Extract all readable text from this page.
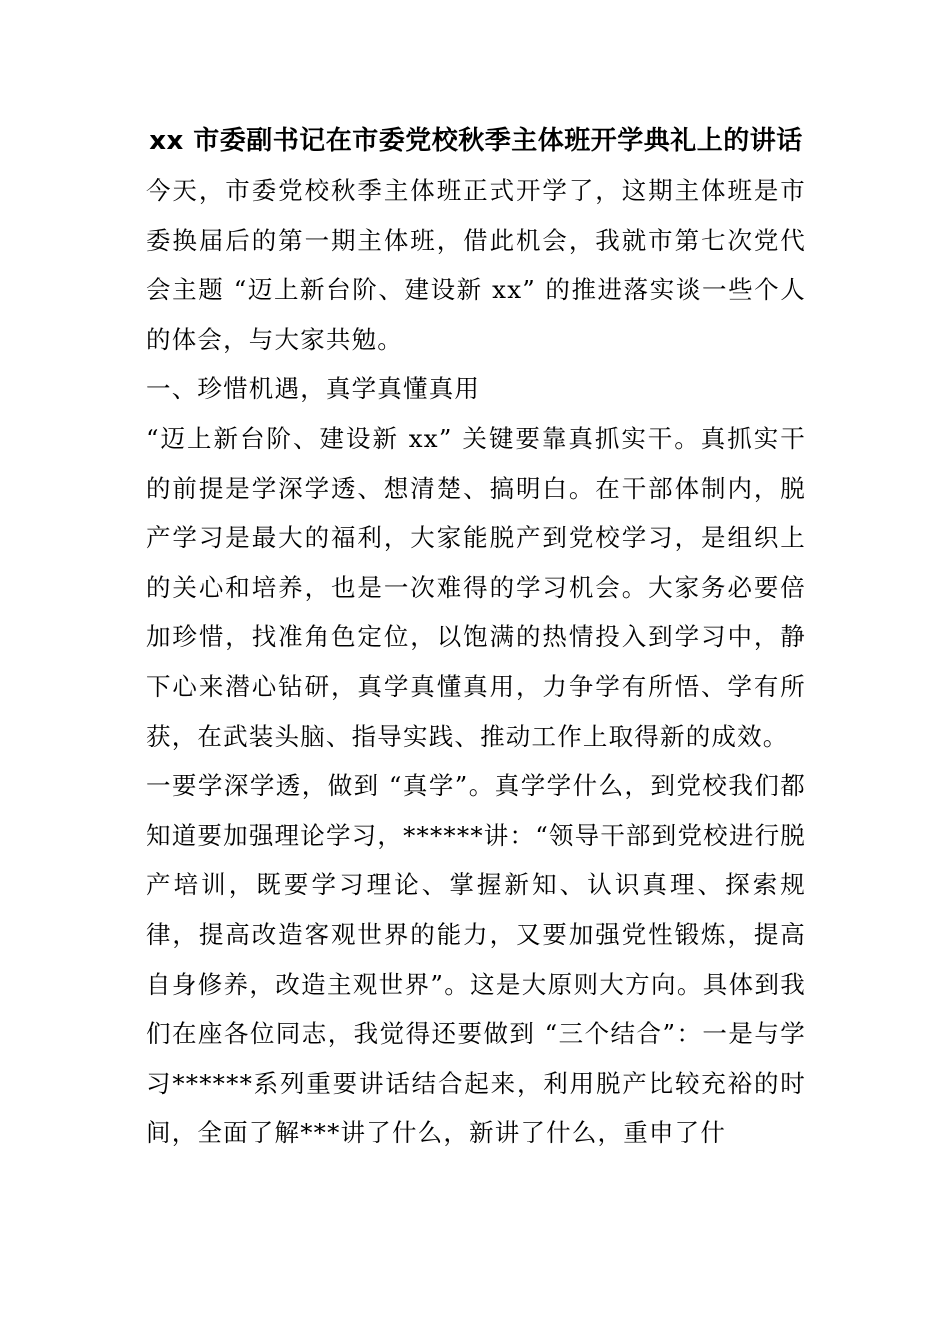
xx 市委副书记在市委党校秋季主体班开学典礼上的讲话

今天，市委党校秋季主体班正式开学了，这期主体班是市委换届后的第一期主体班，借此机会，我就市第七次党代会主题 “迈上新台阶、建设新 xx” 的推进落实谈一些个人的体会，与大家共勉。

一、珍惜机遇，真学真懂真用

“迈上新台阶、建设新 xx” 关键要靠真抓实干。真抓实干的前提是学深学透、想清楚、搞明白。在干部体制内，脱产学习是最大的福利，大家能脱产到党校学习，是组织上的关心和培养，也是一次难得的学习机会。大家务必要倍加珍惜，找准角色定位，以饱满的热情投入到学习中，静下心来潜心钻研，真学真懂真用，力争学有所悟、学有所获，在武装头脑、指导实践、推动工作上取得新的成效。

一要学深学透，做到 “真学”。真学学什么，到党校我们都知道要加强理论学习，******讲：“领导干部到党校进行脱产培训，既要学习理论、掌握新知、认识真理、探索规律，提高改造客观世界的能力，又要加强党性锻炼，提高自身修养，改造主观世界”。这是大原则大方向。具体到我们在座各位同志，我觉得还要做到 “三个结合”：一是与学习******系列重要讲话结合起来，利用脱产比较充裕的时间，全面了解***讲了什么，新讲了什么，重申了什
